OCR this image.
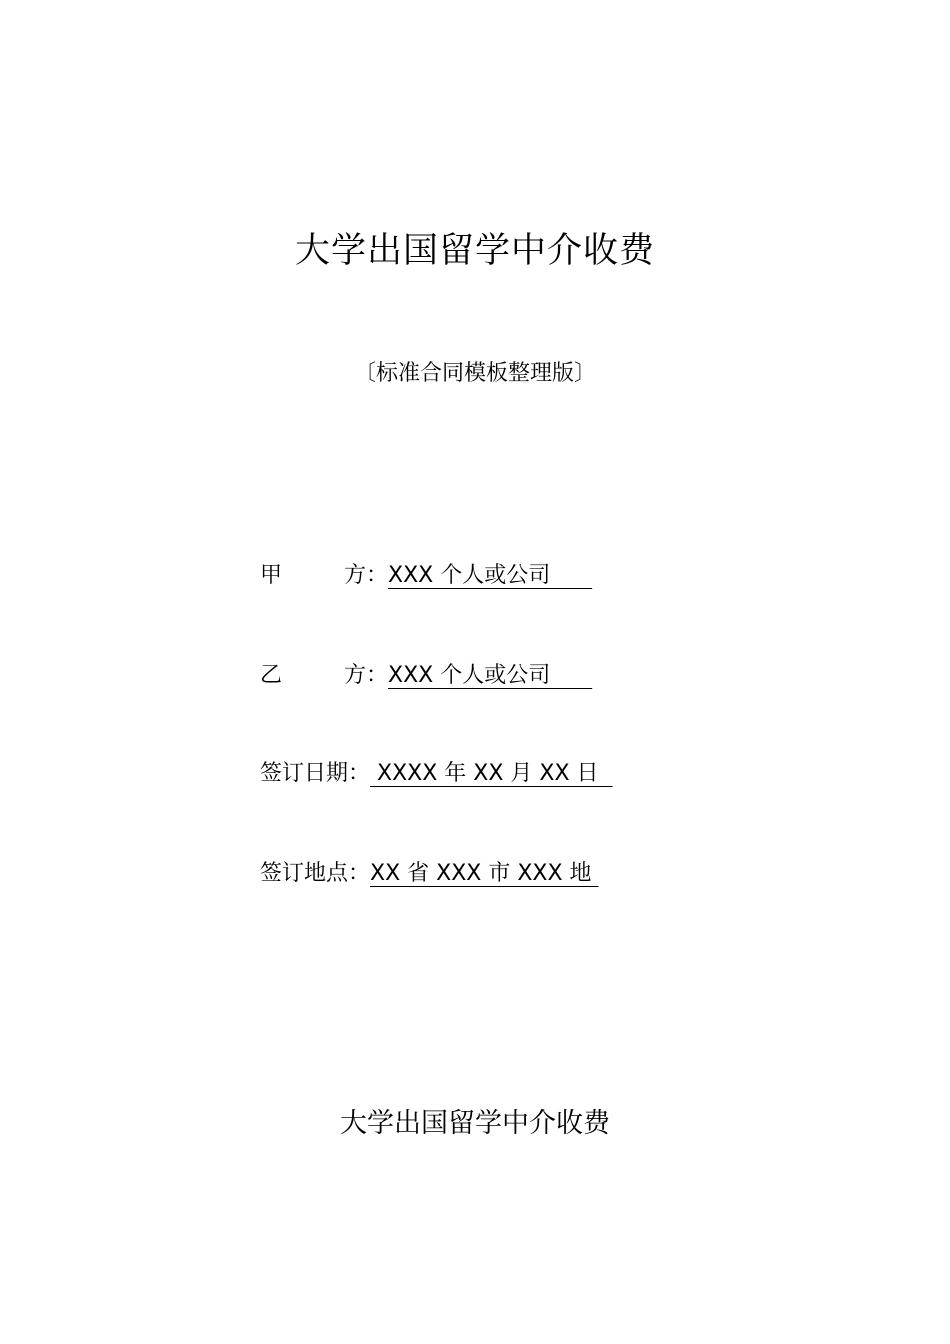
大学出国留学中介收费

〔标准合同模板整理版〕

甲	方： XXX 个人或公司
乙	方： XXX 个人或公司
签订日期： XXXX 年 XX 月 XX 日
签订地点：XX 省 XXX 市 XXX 地
大学出国留学中介收费
